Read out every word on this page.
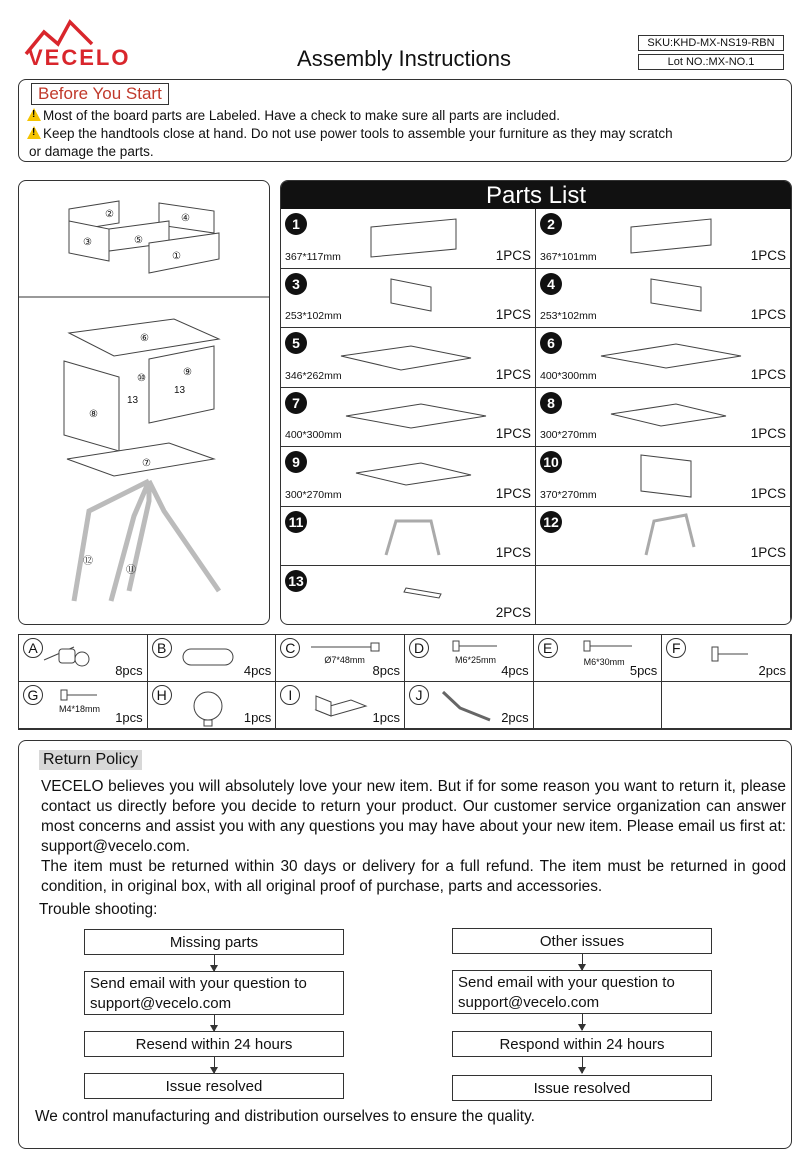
VECELO	Assembly Instructions
SKU:KHD-MX-NS19-RBN
Lot NO.:MX-NO.1
Before You Start
!Most of the board parts are Labeled. Have a check to make sure all parts are included.
!Keep the handtools close at hand. Do not use power tools to assemble your furniture as they may scratch
or damage the parts.
②	④
③	⑤
①
⑥
⑩
⑨
13
13
⑧
⑦
⑫
⑪
Parts List
1
367*117mm	1PCS
2
367*101mm	1PCS
3
253*102mm	1PCS
4
253*102mm	1PCS
5
346*262mm	1PCS
6
400*300mm	1PCS
7
400*300mm	1PCS
8
300*270mm	1PCS
9
300*270mm	1PCS
10
370*270mm	1PCS
11
1PCS
12
1PCS
13
2PCS
A
8pcs
B
4pcs
C
Ø7*48mm
8pcs
D
M6*25mm
4pcs
E
M6*30mm
5pcs
F
2pcs
G
M4*18mm
1pcs
H
1pcs
I
1pcs
J
2pcs
Return Policy

VECELO believes you will absolutely love your new item. But if for some reason you want to return it, please contact us directly before you decide to return your product. Our customer service organization can answer most concerns and assist you with any questions you may have about your new item. Please email us first at: support@vecelo.com.

The item must be returned within 30 days or delivery for a full refund. The item must be returned in good condition, in original box, with all original proof of purchase, parts and accessories.

Trouble shooting:
Missing parts
Send email with your question to support@vecelo.com
Resend within 24 hours
Issue resolved
Other issues
Send email with your question to support@vecelo.com
Respond within 24 hours
Issue resolved
We control manufacturing and distribution ourselves to ensure the quality.
